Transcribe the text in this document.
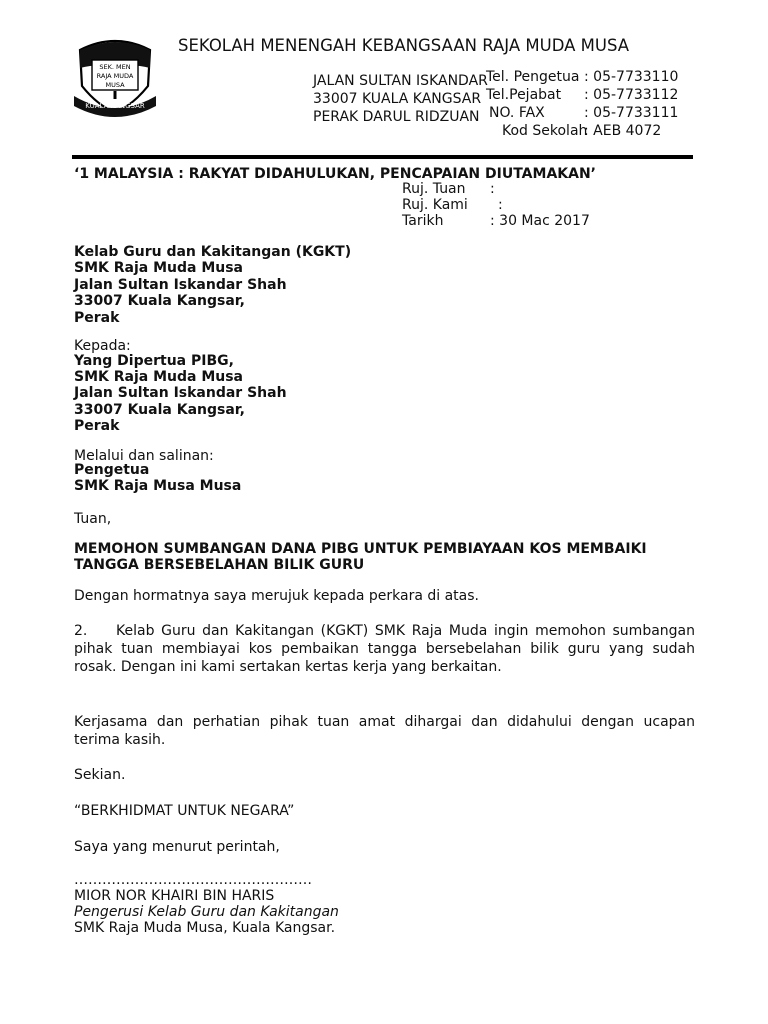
SEK. MEN
RAJA MUDA
MUSA
KUALA KANGSAR
SEKOLAH MENENGAH KEBANGSAAN RAJA MUDA MUSA
JALAN SULTAN ISKANDAR
33007 KUALA KANGSAR
PERAK DARUL RIDZUAN
Tel. Pengetua : 05-7733110
Tel.Pejabat : 05-7733112
NO. FAX	: 05-7733111
Kod Sekolah: AEB 4072
‘1 MALAYSIA : RAKYAT DIDAHULUKAN, PENCAPAIAN DIUTAMAKAN’
Ruj. Tuan :
Ruj. Kami :
Tarikh	: 30 Mac 2017
Kelab Guru dan Kakitangan (KGKT)
SMK Raja Muda Musa
Jalan Sultan Iskandar Shah
33007 Kuala Kangsar,
Perak
Kepada:
Yang Dipertua PIBG,
SMK Raja Muda Musa
Jalan Sultan Iskandar Shah
33007 Kuala Kangsar,
Perak
Melalui dan salinan:
Pengetua
SMK Raja Musa Musa
Tuan,
MEMOHON SUMBANGAN DANA PIBG UNTUK PEMBIAYAAN KOS MEMBAIKI
TANGGA BERSEBELAHAN BILIK GURU
Dengan hormatnya saya merujuk kepada perkara di atas.
2. Kelab Guru dan Kakitangan (KGKT) SMK Raja Muda ingin memohon sumbangan
pihak tuan membiayai kos pembaikan tangga bersebelahan bilik guru yang sudah
rosak. Dengan ini kami sertakan kertas kerja yang berkaitan.
Kerjasama dan perhatian pihak tuan amat dihargai dan didahului dengan ucapan
terima kasih.
Sekian.
“BERKHIDMAT UNTUK NEGARA”
Saya yang menurut perintah,
……………………………………………
MIOR NOR KHAIRI BIN HARIS
Pengerusi Kelab Guru dan Kakitangan
SMK Raja Muda Musa, Kuala Kangsar.
